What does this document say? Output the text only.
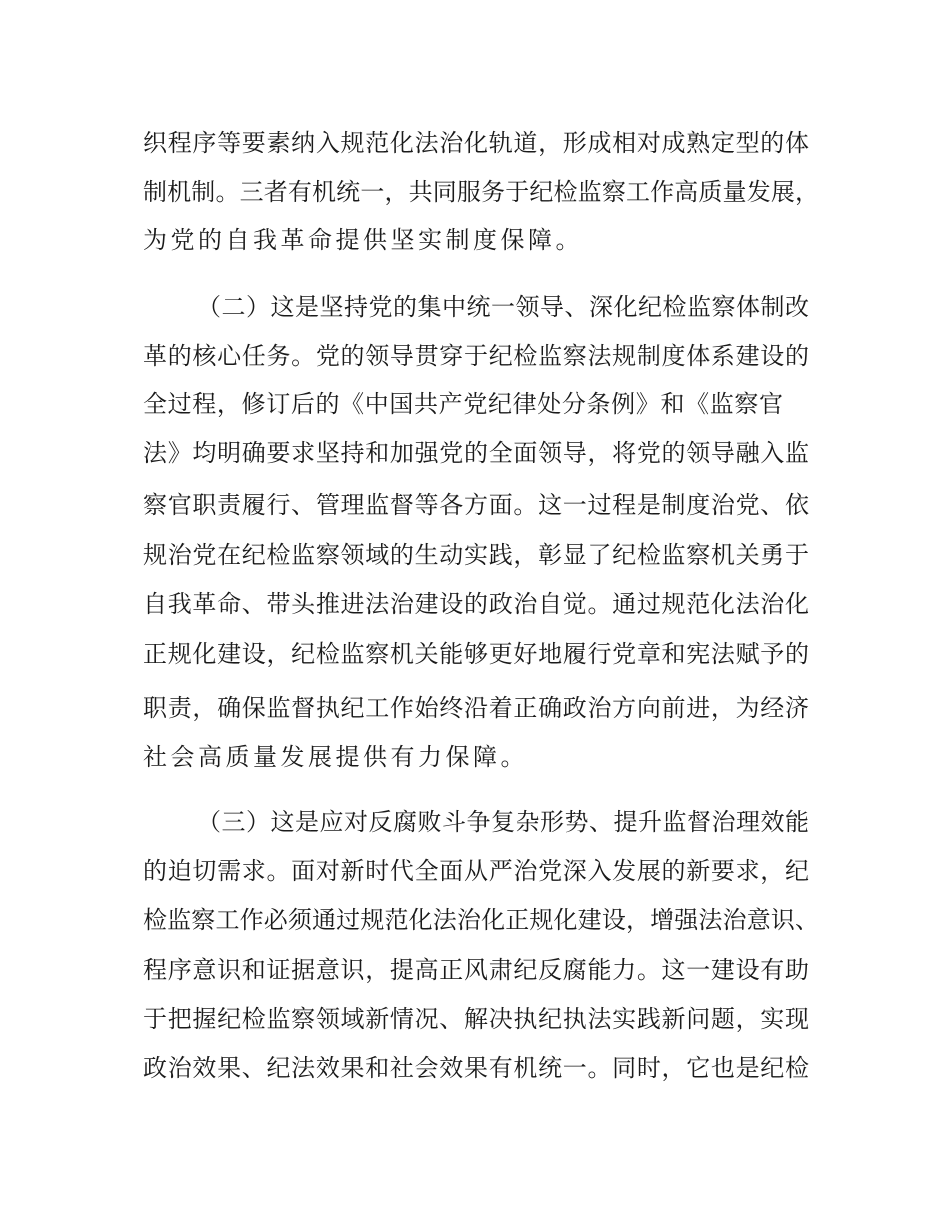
织程序等要素纳入规范化法治化轨道，形成相对成熟定型的体
制机制。三者有机统一，共同服务于纪检监察工作高质量发展，
为党的自我革命提供坚实制度保障。
（二）这是坚持党的集中统一领导、深化纪检监察体制改
革的核心任务。党的领导贯穿于纪检监察法规制度体系建设的
全过程，修订后的《中国共产党纪律处分条例》和《监察官
法》均明确要求坚持和加强党的全面领导，将党的领导融入监
察官职责履行、管理监督等各方面。这一过程是制度治党、依
规治党在纪检监察领域的生动实践，彰显了纪检监察机关勇于
自我革命、带头推进法治建设的政治自觉。通过规范化法治化
正规化建设，纪检监察机关能够更好地履行党章和宪法赋予的
职责，确保监督执纪工作始终沿着正确政治方向前进，为经济
社会高质量发展提供有力保障。
（三）这是应对反腐败斗争复杂形势、提升监督治理效能
的迫切需求。面对新时代全面从严治党深入发展的新要求，纪
检监察工作必须通过规范化法治化正规化建设，增强法治意识、
程序意识和证据意识，提高正风肃纪反腐能力。这一建设有助
于把握纪检监察领域新情况、解决执纪执法实践新问题，实现
政治效果、纪法效果和社会效果有机统一。同时，它也是纪检
